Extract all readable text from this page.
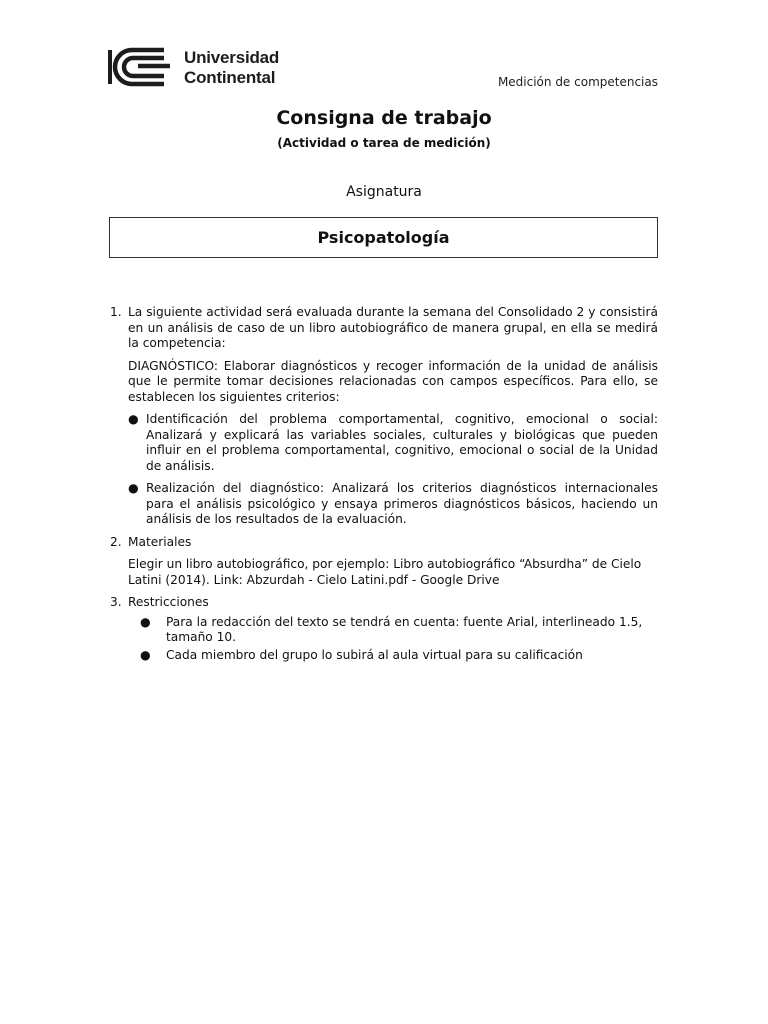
Universidad
Continental	Medición de competencias
Consigna de trabajo
(Actividad o tarea de medición)
Asignatura
Psicopatología
1. La siguiente actividad será evaluada durante la semana del Consolidado 2 y consistirá en un análisis de caso de un libro autobiográfico de manera grupal, en ella se medirá la competencia:
DIAGNÓSTICO: Elaborar diagnósticos y recoger información de la unidad de análisis que le permite tomar decisiones relacionadas con campos específicos. Para ello, se establecen los siguientes criterios:
● Identificación del problema comportamental, cognitivo, emocional o social: Analizará y explicará las variables sociales, culturales y biológicas que pueden influir en el problema comportamental, cognitivo, emocional o social de la Unidad de análisis.
● Realización del diagnóstico: Analizará los criterios diagnósticos internacionales para el análisis psicológico y ensaya primeros diagnósticos básicos, haciendo un análisis de los resultados de la evaluación.
2. Materiales
Elegir un libro autobiográfico, por ejemplo: Libro autobiográfico “Absurdha” de Cielo Latini (2014). Link: Abzurdah - Cielo Latini.pdf - Google Drive
3. Restricciones
● Para la redacción del texto se tendrá en cuenta: fuente Arial, interlineado 1.5, tamaño 10.
● Cada miembro del grupo lo subirá al aula virtual para su calificación
